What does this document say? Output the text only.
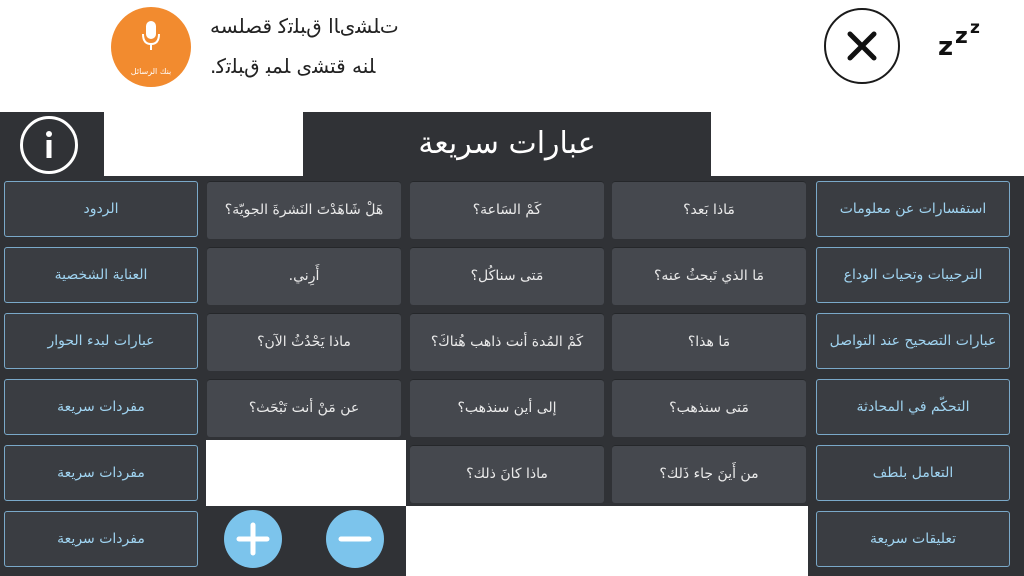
بنك الرسائل
ﺕﻠﺸﻯﺎﺍ ﻕﺒﻠﺗﻛ ﻗﺼﻠﺴﻪ
ﻠﻨﻪ ﻗﺘﺸﻯ ﻠﻤﺒ ﻕﺒﻠﺗﻛ.
z z z
عبارات سريعة
استفسارات عن معلومات
الترحيبات وتحيات الوداع
عبارات التصحيح عند التواصل
التحكّم في المحادثة
التعامل بلطف
تعليقات سريعة
الردود
العناية الشخصية
عبارات لبدء الحوار
مفردات سريعة
مفردات سريعة
مفردات سريعة
مَاذا بَعد؟
مَا الذي تَبحثُ عنه؟
مَا هذا؟
مَتى سنذهب؟
من أَينَ جاء ذَلك؟
كَمْ السَاعة؟
مَتى سناكُل؟
كَمْ المُدة أنت ذاهب هُناكَ؟
إلى أين سنذهب؟
ماذا كانَ ذلك؟
هَلْ شَاهَدْتَ النَشرةَ الجويّة؟
أَرِني.
ماذا يَحْدُثُ الآن؟
عن مَنْ أنت تَبْحَث؟
